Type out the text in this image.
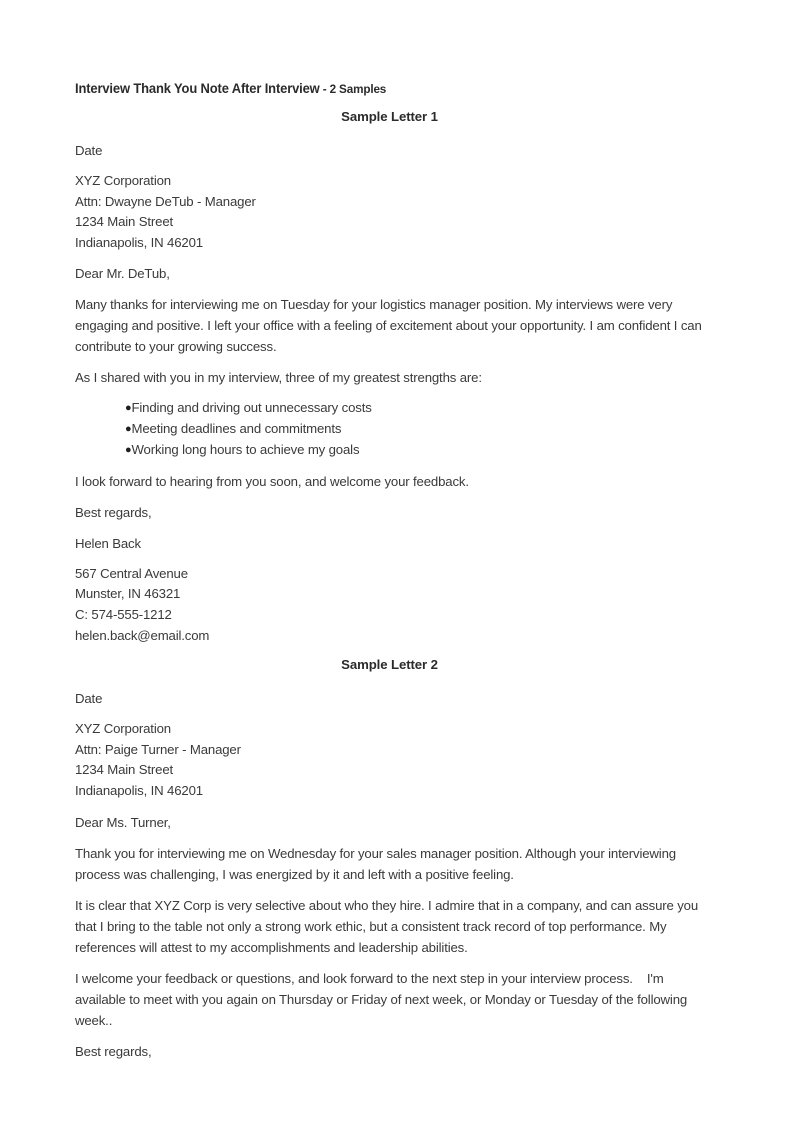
Interview Thank You Note After Interview - 2 Samples
Sample Letter 1
Date
XYZ Corporation
Attn: Dwayne DeTub - Manager
1234 Main Street
Indianapolis, IN 46201
Dear Mr. DeTub,
Many thanks for interviewing me on Tuesday for your logistics manager position. My interviews were very engaging and positive. I left your office with a feeling of excitement about your opportunity. I am confident I can contribute to your growing success.
As I shared with you in my interview, three of my greatest strengths are:
●Finding and driving out unnecessary costs
●Meeting deadlines and commitments
●Working long hours to achieve my goals
I look forward to hearing from you soon, and welcome your feedback.
Best regards,
Helen Back
567 Central Avenue
Munster, IN 46321
C: 574-555-1212
helen.back@email.com
Sample Letter 2
Date
XYZ Corporation
Attn: Paige Turner - Manager
1234 Main Street
Indianapolis, IN 46201
Dear Ms. Turner,
Thank you for interviewing me on Wednesday for your sales manager position. Although your interviewing process was challenging, I was energized by it and left with a positive feeling.
It is clear that XYZ Corp is very selective about who they hire. I admire that in a company, and can assure you that I bring to the table not only a strong work ethic, but a consistent track record of top performance. My references will attest to my accomplishments and leadership abilities.
I welcome your feedback or questions, and look forward to the next step in your interview process.    I'm available to meet with you again on Thursday or Friday of next week, or Monday or Tuesday of the following week..
Best regards,
